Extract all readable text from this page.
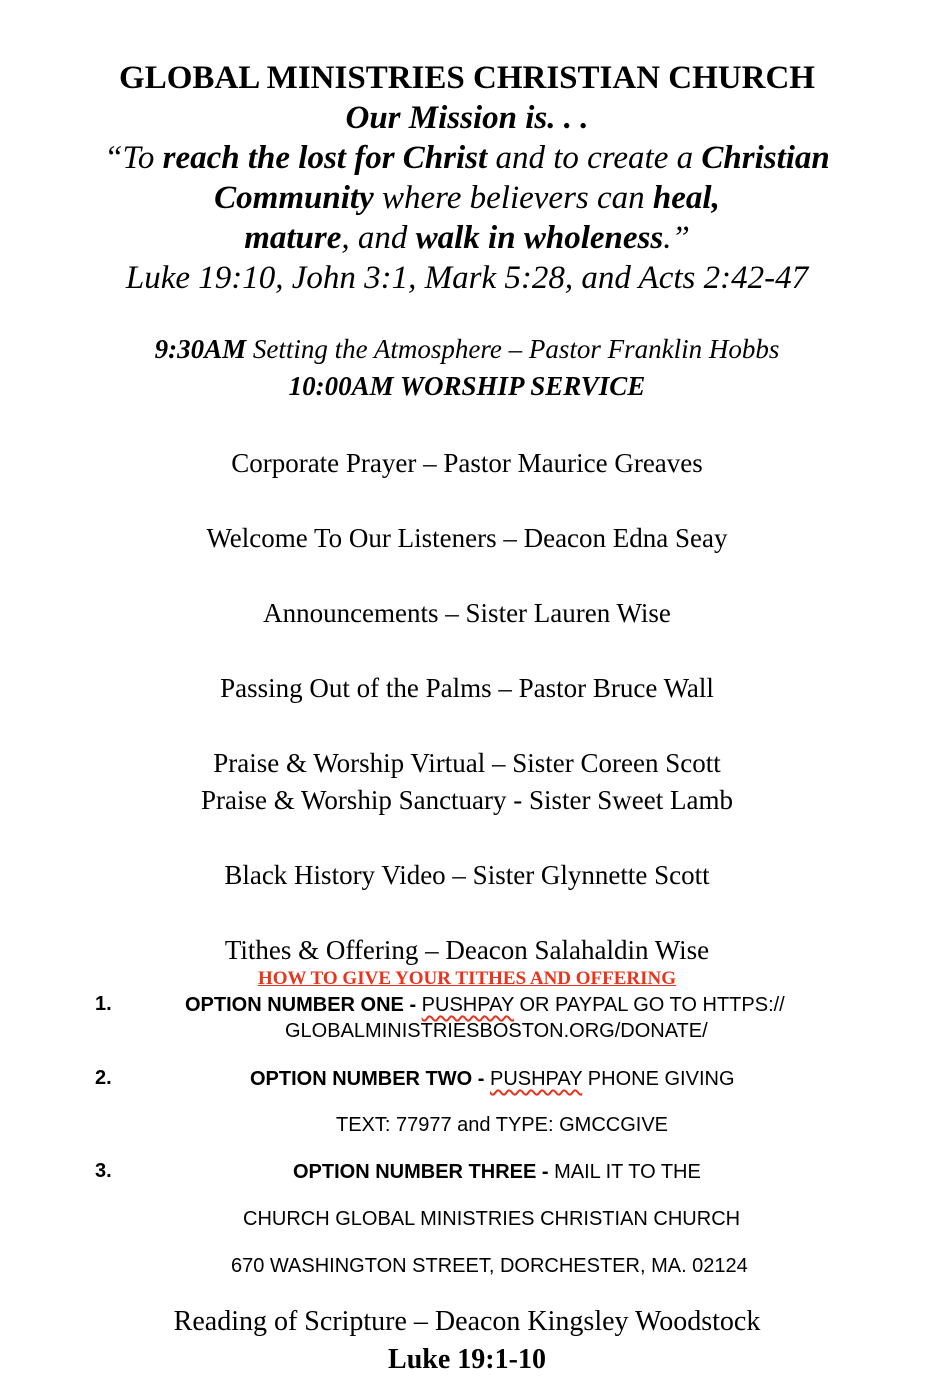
GLOBAL MINISTRIES CHRISTIAN CHURCH
Our Mission is. . .
“To reach the lost for Christ and to create a Christian
Community where believers can heal,
mature, and walk in wholeness.”
Luke 19:10, John 3:1, Mark 5:28, and Acts 2:42-47
9:30AM Setting the Atmosphere – Pastor Franklin Hobbs
10:00AM WORSHIP SERVICE
Corporate Prayer – Pastor Maurice Greaves
Welcome To Our Listeners – Deacon Edna Seay
Announcements – Sister Lauren Wise
Passing Out of the Palms – Pastor Bruce Wall
Praise & Worship Virtual – Sister Coreen Scott
Praise & Worship Sanctuary - Sister Sweet Lamb
Black History Video – Sister Glynnette Scott
Tithes & Offering – Deacon Salahaldin Wise
HOW TO GIVE YOUR TITHES AND OFFERING
1.	OPTION NUMBER ONE - PUSHPAY OR PAYPAL GO TO HTTPS://
GLOBALMINISTRIESBOSTON.ORG/DONATE/
2.	OPTION NUMBER TWO - PUSHPAY PHONE GIVING
TEXT: 77977 and TYPE: GMCCGIVE
3.	OPTION NUMBER THREE - MAIL IT TO THE
CHURCH GLOBAL MINISTRIES CHRISTIAN CHURCH
670 WASHINGTON STREET, DORCHESTER, MA. 02124
Reading of Scripture – Deacon Kingsley Woodstock
Luke 19:1-10
